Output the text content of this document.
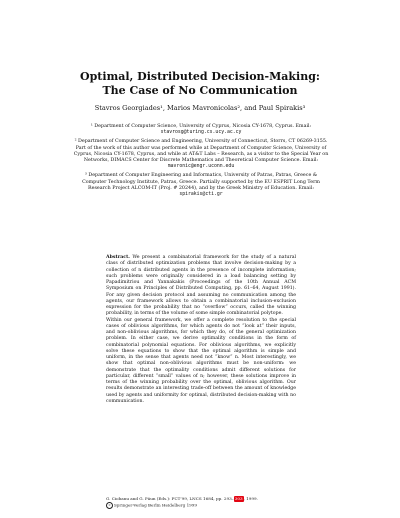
Optimal, Distributed Decision-Making:
The Case of No Communication
Stavros Georgiades¹, Marios Mavronicolas², and Paul Spirakis³
¹ Department of Computer Science, University of Cyprus, Nicosia CY-1678, Cyprus. Email: stavrosg@turing.cs.ucy.ac.cy
² Department of Computer Science and Engineering, University of Connecticut, Storrs, CT 06269-3155. Part of the work of this author was performed while at Department of Computer Science, University of Cyprus, Nicosia CY-1678, Cyprus, and while at AT&T Labs – Research, as a visitor to the Special Year on Networks, DIMACS Center for Discrete Mathematics and Theoretical Computer Science. Email: mavronic@engr.uconn.edu
³ Department of Computer Engineering and Informatics, University of Patras, Patras, Greece & Computer Technology Institute, Patras, Greece. Partially supported by the EU ESPRIT Long Term Research Project ALCOM-IT (Proj. # 20244), and by the Greek Ministry of Education. Email: spirakis@cti.gr

Abstract. We present a combinatorial framework for the study of a natural class of distributed optimization problems that involve decision-making by a collection of n distributed agents in the presence of incomplete information; such problems were originally considered in a load balancing setting by Papadimitriou and Yannakakis (Proceedings of the 10th Annual ACM Symposium on Principles of Distributed Computing, pp. 61–64, August 1991). For any given decision protocol and assuming no communication among the agents, our framework allows to obtain a combinatorial inclusion-exclusion expression for the probability that no “overflow” occurs, called the winning probability, in terms of the volume of some simple combinatorial polytope.

Within our general framework, we offer a complete resolution to the special cases of oblivious algorithms, for which agents do not “look at” their inputs, and non-oblivious algorithms, for which they do, of the general optimization problem. In either case, we derive optimality conditions in the form of combinatorial polynomial equations. For oblivious algorithms, we explicitly solve these equations to show that the optimal algorithm is simple and uniform, in the sense that agents need not “know” n. Most interestingly, we show that optimal non-oblivious algorithms must be non-uniform: we demonstrate that the optimality conditions admit different solutions for particular, different “small” values of n; however, these solutions improve in terms of the winning probability over the optimal, oblivious algorithm. Our results demonstrate an interesting trade-off between the amount of knowledge used by agents and uniformity for optimal, distributed decision-making with no communication.

G. Ciobanu and G. Păun (Eds.): FCT’99, LNCS 1684, pp. 293–303, 1999.
c Springer-Verlag Berlin Heidelberg 1999
